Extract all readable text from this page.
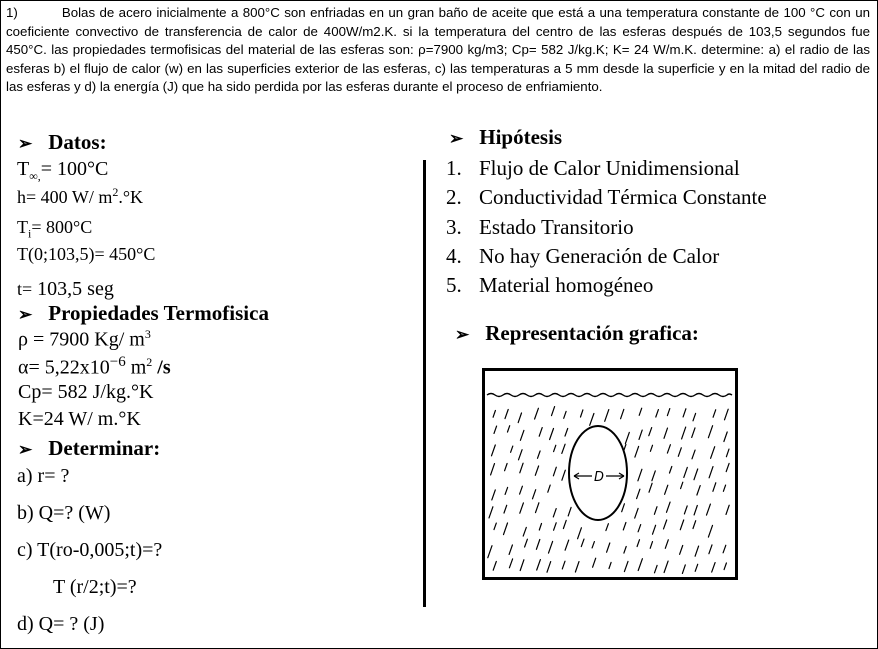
1)	Bolas de acero inicialmente a 800°C son enfriadas en un gran baño de aceite que está a una temperatura constante de 100 °C con un coeficiente convectivo de transferencia de calor de 400W/m2.K. si la temperatura del centro de las esferas después de 103,5 segundos fue 450°C. las propiedades termofisicas del material de las esferas son: ρ=7900 kg/m3; Cp= 582 J/kg.K; K= 24 W/m.K. determine: a) el radio de las esferas b) el flujo de calor (w) en las superficies exterior de las esferas, c) las temperaturas a 5 mm desde la superficie y en la mitad del radio de las esferas y d) la energía (J) que ha sido perdida por las esferas durante el proceso de enfriamiento.
➢ Datos:
$T_{\infty,}= 100^\circ C$
h= 400 W/ $m^2.^\circ K$
$T_i= 800^\circ C$
T(0;103,5)= 450°C
t= 103,5 seg
➢ Propiedades Termofisica
ρ = 7900 Kg/ $m^3$
$\alpha= 5,22x10^{-6}$ $m^2$ /s
Cp= 582 J/kg.°K
K=24 W/ m.°K
➢ Determinar:
a) r= ?
b) Q=? (W)
c) T(ro-0,005;t)=?
T (r/2;t)=?
d) Q= ? (J)
➢ Hipótesis
1. Flujo de Calor Unidimensional
2. Conductividad Térmica Constante
3. Estado Transitorio
4. No hay Generación de Calor
5. Material homogéneo
➢ Representación grafica:
D
